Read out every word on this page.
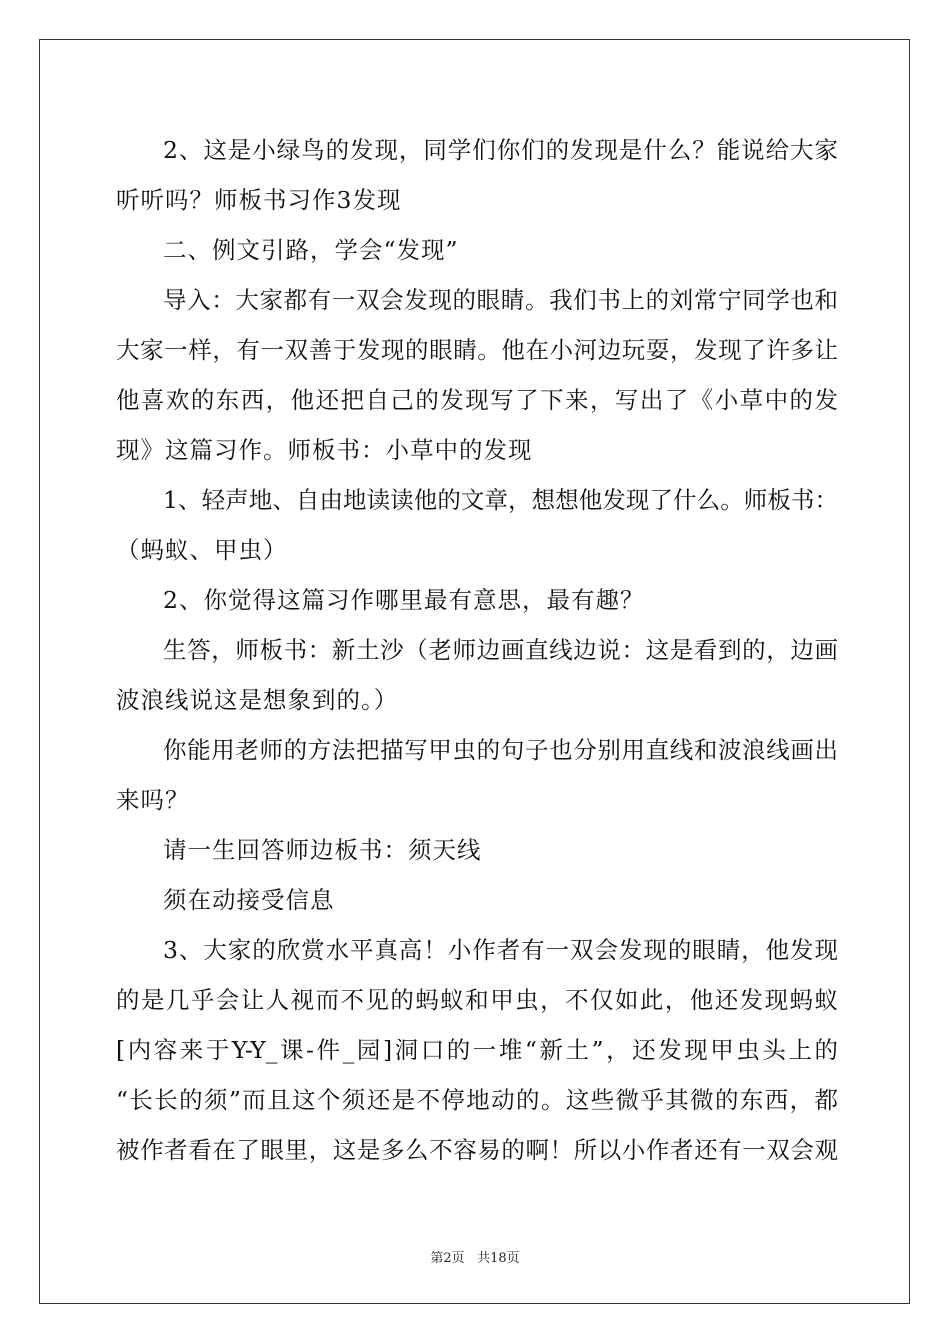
2、这是小绿鸟的发现，同学们你们的发现是什么？能说给大家
听听吗？师板书习作3发现
二、例文引路，学会“发现”
导入：大家都有一双会发现的眼睛。我们书上的刘常宁同学也和
大家一样，有一双善于发现的眼睛。他在小河边玩耍，发现了许多让
他喜欢的东西，他还把自己的发现写了下来，写出了《小草中的发
现》这篇习作。师板书：小草中的发现
1、轻声地、自由地读读他的文章，想想他发现了什么。师板书：
（蚂蚁、甲虫）
2、你觉得这篇习作哪里最有意思，最有趣？
生答，师板书：新土沙（老师边画直线边说：这是看到的，边画
波浪线说这是想象到的。）
你能用老师的方法把描写甲虫的句子也分别用直线和波浪线画出
来吗？
请一生回答师边板书：须天线
须在动接受信息
3、大家的欣赏水平真高！小作者有一双会发现的眼睛，他发现
的是几乎会让人视而不见的蚂蚁和甲虫，不仅如此，他还发现蚂蚁
[内容来于Y-Y_课-件_园]洞口的一堆“新土”，还发现甲虫头上的
“长长的须”而且这个须还是不停地动的。这些微乎其微的东西，都
被作者看在了眼里，这是多么不容易的啊！所以小作者还有一双会观
第2页 共18页
